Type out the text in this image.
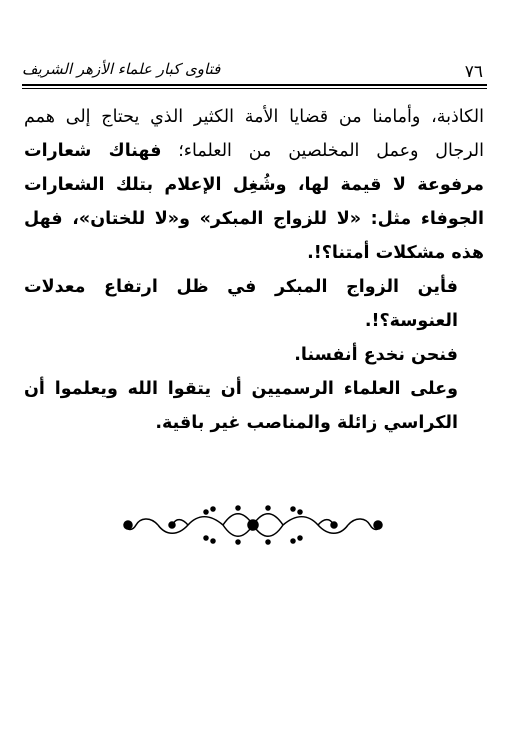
٧٦
فتاوى كبار علماء الأزهر الشريف

الكاذبة، وأمامنا من قضايا الأمة الكثير الذي يحتاج إلى همم الرجال وعمل المخلصين من العلماء؛ فهناك شعارات مرفوعة لا قيمة لها، وشُغِل الإعلام بتلك الشعارات الجوفاء مثل: «لا للزواج المبكر» و«لا للختان»، فهل هذه مشكلات أمتنا؟!.

فأين الزواج المبكر في ظل ارتفاع معدلات العنوسة؟!.

فنحن نخدع أنفسنا.

وعلى العلماء الرسميين أن يتقوا الله ويعلموا أن الكراسي زائلة والمناصب غير باقية.
